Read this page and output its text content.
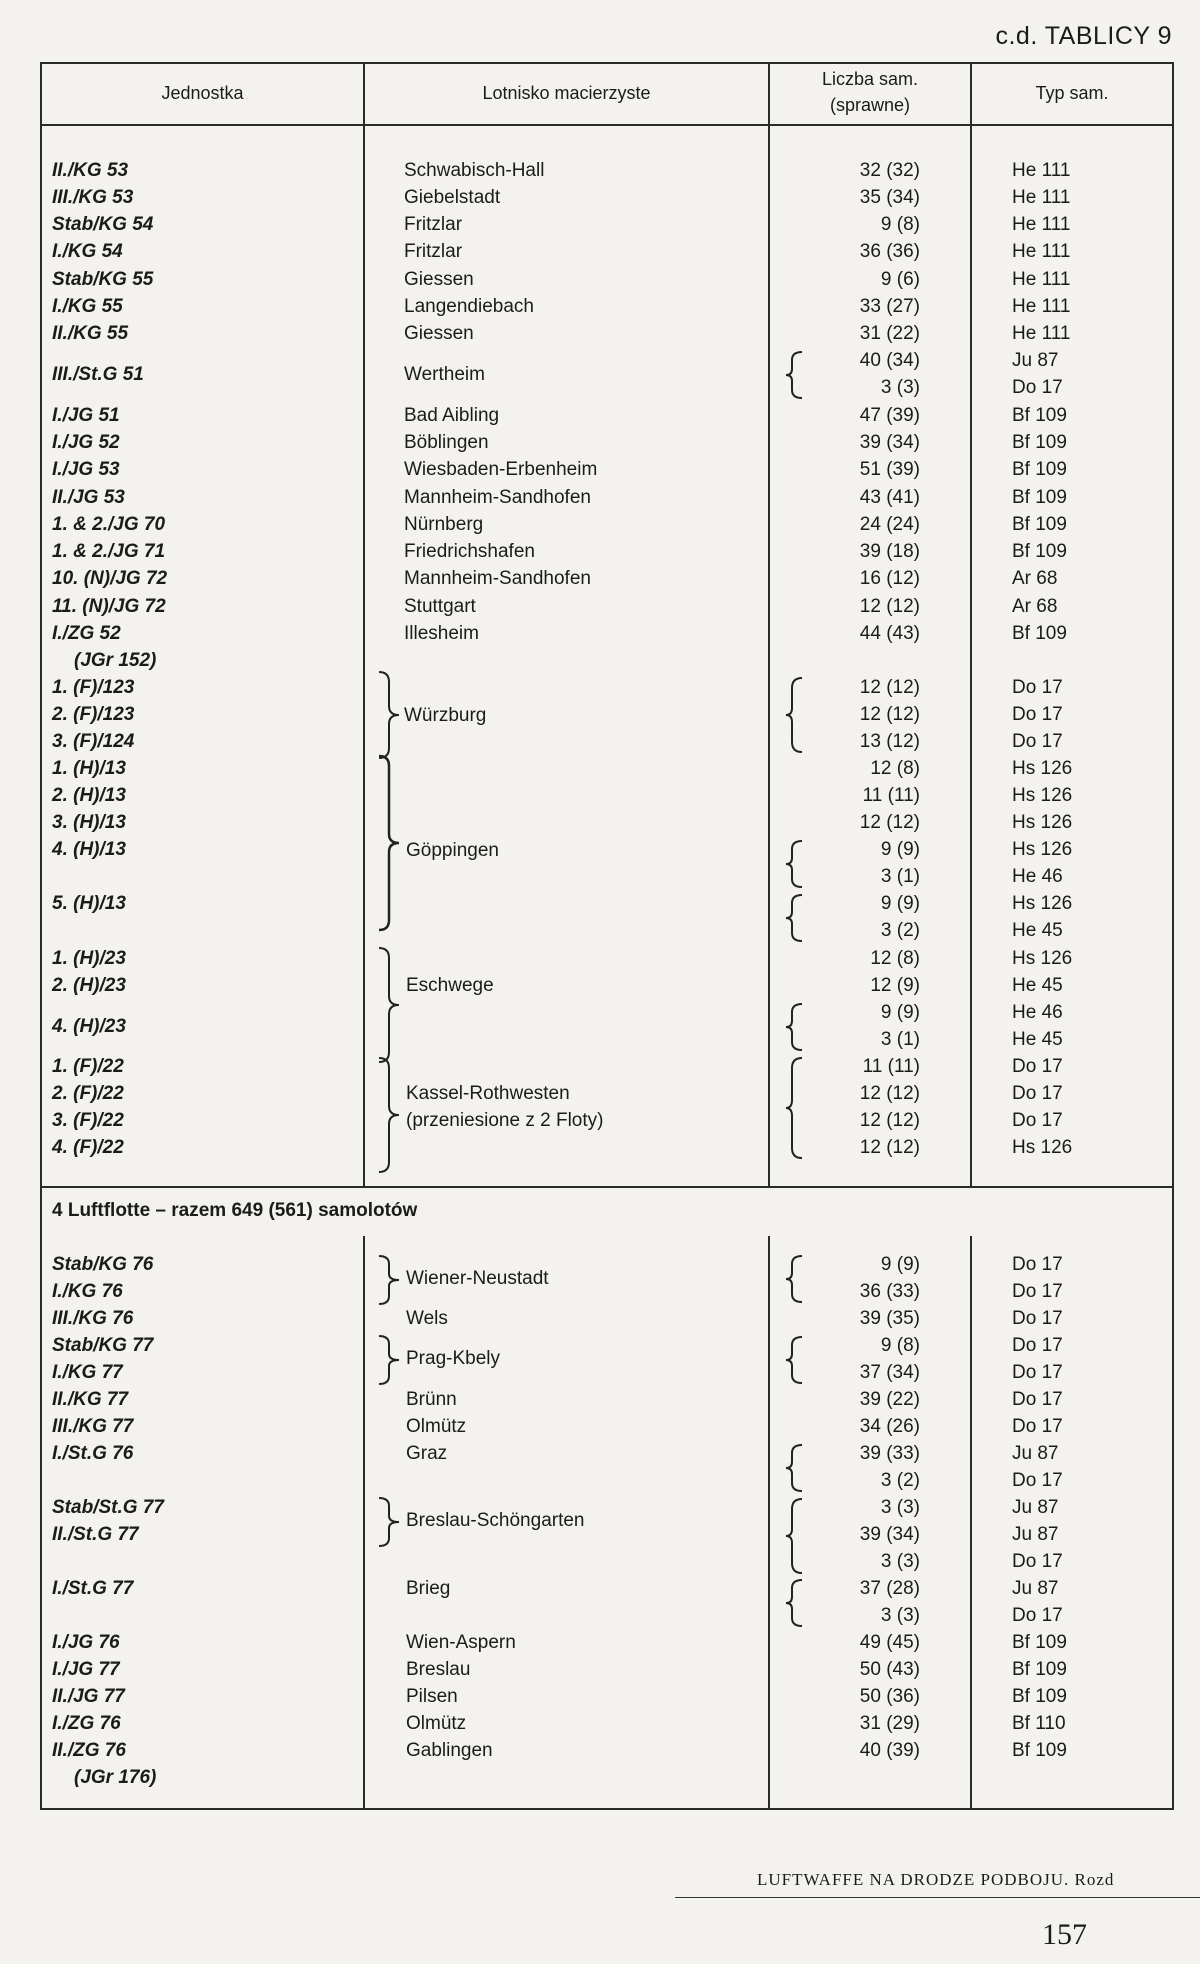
c.d. TABLICY 9
Jednostka	Lotnisko macierzyste
Liczba sam.
(sprawne)
Typ sam.
4 Luftflotte – razem 649 (561) samolotów
II./KG 53
III./KG 53
Stab/KG 54
I./KG 54
Stab/KG 55
I./KG 55
II./KG 55
III./St.G 51
I./JG 51
I./JG 52
I./JG 53
II./JG 53
1. & 2./JG 70
1. & 2./JG 71
10. (N)/JG 72
11. (N)/JG 72
I./ZG 52
(JGr 152)
1. (F)/123
2. (F)/123
3. (F)/124
1. (H)/13
2. (H)/13
3. (H)/13
4. (H)/13
5. (H)/13
1. (H)/23
2. (H)/23
4. (H)/23
1. (F)/22
2. (F)/22
3. (F)/22
4. (F)/22
Stab/KG 76
I./KG 76
III./KG 76
Stab/KG 77
I./KG 77
II./KG 77
III./KG 77
I./St.G 76
Stab/St.G 77
II./St.G 77
I./St.G 77
I./JG 76
I./JG 77
II./JG 77
I./ZG 76
II./ZG 76
(JGr 176)
Schwabisch-Hall
Giebelstadt
Fritzlar
Fritzlar
Giessen
Langendiebach
Giessen
Wertheim
Bad Aibling
Böblingen
Wiesbaden-Erbenheim
Mannheim-Sandhofen
Nürnberg
Friedrichshafen
Mannheim-Sandhofen
Stuttgart
Illesheim
Würzburg
Göppingen
Eschwege
Kassel-Rothwesten
(przeniesione z 2 Floty)
Wiener-Neustadt
Wels
Prag-Kbely
Brünn
Olmütz
Graz
Breslau-Schöngarten
Brieg
Wien-Aspern
Breslau
Pilsen
Olmütz
Gablingen
32 (32)
35 (34)
9 (8)
36 (36)
9 (6)
33 (27)
31 (22)
40 (34)
3 (3)
47 (39)
39 (34)
51 (39)
43 (41)
24 (24)
39 (18)
16 (12)
12 (12)
44 (43)
12 (12)
12 (12)
13 (12)
12 (8)
11 (11)
12 (12)
9 (9)
3 (1)
9 (9)
3 (2)
12 (8)
12 (9)
9 (9)
3 (1)
11 (11)
12 (12)
12 (12)
12 (12)
9 (9)
36 (33)
39 (35)
9 (8)
37 (34)
39 (22)
34 (26)
39 (33)
3 (2)
3 (3)
39 (34)
3 (3)
37 (28)
3 (3)
49 (45)
50 (43)
50 (36)
31 (29)
40 (39)
He 111
He 111
He 111
He 111
He 111
He 111
He 111
Ju 87
Do 17
Bf 109
Bf 109
Bf 109
Bf 109
Bf 109
Bf 109
Ar 68
Ar 68
Bf 109
Do 17
Do 17
Do 17
Hs 126
Hs 126
Hs 126
Hs 126
He 46
Hs 126
He 45
Hs 126
He 45
He 46
He 45
Do 17
Do 17
Do 17
Hs 126
Do 17
Do 17
Do 17
Do 17
Do 17
Do 17
Do 17
Ju 87
Do 17
Ju 87
Ju 87
Do 17
Ju 87
Do 17
Bf 109
Bf 109
Bf 109
Bf 110
Bf 109
LUFTWAFFE NA DRODZE PODBOJU. Rozd
157
